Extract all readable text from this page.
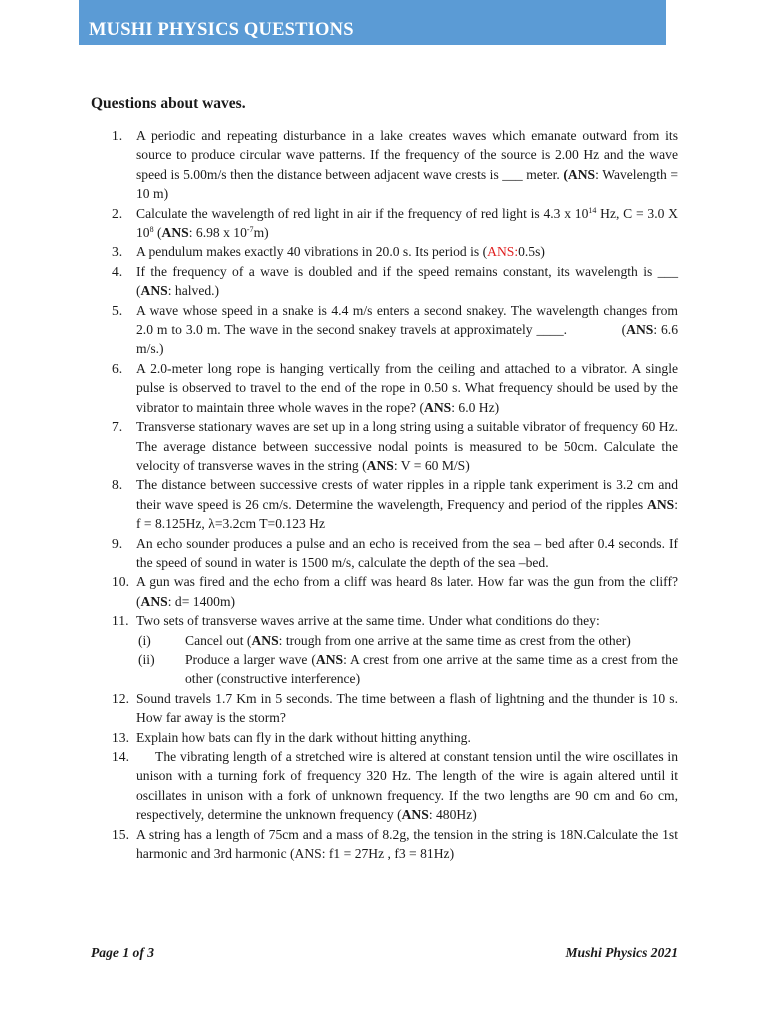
MUSHI PHYSICS QUESTIONS
Questions about waves.
1. A periodic and repeating disturbance in a lake creates waves which emanate outward from its source to produce circular wave patterns. If the frequency of the source is 2.00 Hz and the wave speed is 5.00m/s then the distance between adjacent wave crests is ___ meter. (ANS: Wavelength = 10 m)
2. Calculate the wavelength of red light in air if the frequency of red light is 4.3 x $10^{14}$ Hz, C = 3.0 X $10^8$ (ANS: 6.98 x $10^{-7}m$)
3. A pendulum makes exactly 40 vibrations in 20.0 s. Its period is (ANS:0.5s)
4. If the frequency of a wave is doubled and if the speed remains constant, its wavelength is ___ (ANS: halved.)
5. A wave whose speed in a snake is 4.4 m/s enters a second snakey. The wavelength changes from 2.0 m to 3.0 m. The wave in the second snakey travels at approximately ____.              (ANS: 6.6 m/s.)
6. A 2.0-meter long rope is hanging vertically from the ceiling and attached to a vibrator. A single pulse is observed to travel to the end of the rope in 0.50 s. What frequency should be used by the vibrator to maintain three whole waves in the rope? (ANS: 6.0 Hz)
7. Transverse stationary waves are set up in a long string using a suitable vibrator of frequency 60 Hz. The average distance between successive nodal points is measured to be 50cm. Calculate the velocity of transverse waves in the string (ANS: V = 60 M/S)
8. The distance between successive crests of water ripples in a ripple tank experiment is 3.2 cm and their wave speed is 26 cm/s. Determine the wavelength, Frequency and period of the ripples ANS: f = 8.125Hz, λ=3.2cm T=0.123 Hz
9. An echo sounder produces a pulse and an echo is received from the sea – bed after 0.4 seconds. If the speed of sound in water is 1500 m/s, calculate the depth of the sea –bed.
10. A gun was fired and the echo from a cliff was heard 8s later. How far was the gun from the cliff? (ANS: d= 1400m)
11. Two sets of transverse waves arrive at the same time. Under what conditions do they:
(i)	Cancel out (ANS: trough from one arrive at the same time as crest from the other)
(ii) Produce a larger wave (ANS: A crest from one arrive at the same time as a crest from the other (constructive interference)
12. Sound travels 1.7 Km in 5 seconds. The time between a flash of lightning and the thunder is 10 s. How far away is the storm?
13. Explain how bats can fly in the dark without hitting anything.
14. The vibrating length of a stretched wire is altered at constant tension until the wire oscillates in unison with a turning fork of frequency 320 Hz. The length of the wire is again altered until it oscillates in unison with a fork of unknown frequency. If the two lengths are 90 cm and 6o cm, respectively, determine the unknown frequency (ANS: 480Hz)
15. A string has a length of 75cm and a mass of 8.2g, the tension in the string is 18N.Calculate the 1st harmonic and 3rd harmonic (ANS: f1 = 27Hz , f3 = 81Hz)
Page 1 of 3	Mushi Physics 2021
